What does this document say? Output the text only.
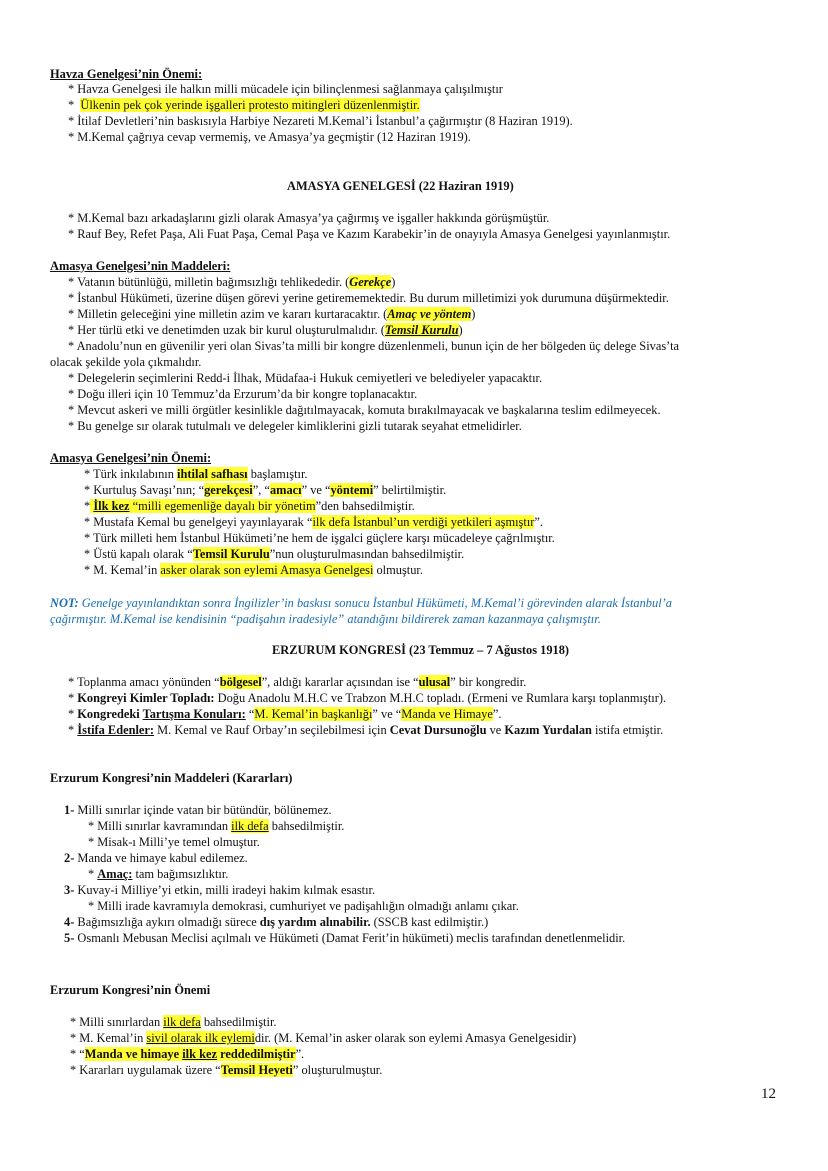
Havza Genelgesi’nin Önemi:
* Havza Genelgesi ile halkın milli mücadele için bilinçlenmesi sağlanmaya çalışılmıştır
* Ülkenin pek çok yerinde işgalleri protesto mitingleri düzenlenmiştir.
* İtilaf Devletleri’nin baskısıyla Harbiye Nezareti M.Kemal’i İstanbul’a çağırmıştır (8 Haziran 1919).
* M.Kemal çağrıya cevap vermemiş, ve Amasya’ya geçmiştir (12 Haziran 1919).
AMASYA GENELGESİ (22 Haziran 1919)
* M.Kemal bazı arkadaşlarını gizli olarak Amasya’ya çağırmış ve işgaller hakkında görüşmüştür.
* Rauf Bey, Refet Paşa, Ali Fuat Paşa, Cemal Paşa ve Kazım Karabekir’in de onayıyla Amasya Genelgesi yayınlanmıştır.
Amasya Genelgesi’nin Maddeleri:
* Vatanın bütünlüğü, milletin bağımsızlığı tehlikededir. (Gerekçe)
* İstanbul Hükümeti, üzerine düşen görevi yerine getirememektedir. Bu durum milletimizi yok durumuna düşürmektedir.
* Milletin geleceğini yine milletin azim ve kararı kurtaracaktır. (Amaç ve yöntem)
* Her türlü etki ve denetimden uzak bir kurul oluşturulmalıdır. (Temsil Kurulu)
* Anadolu’nun en güvenilir yeri olan Sivas’ta milli bir kongre düzenlenmeli, bunun için de her bölgeden üç delege Sivas’ta
olacak şekilde yola çıkmalıdır.
* Delegelerin seçimlerini Redd-i İlhak, Müdafaa-i Hukuk cemiyetleri ve belediyeler yapacaktır.
* Doğu illeri için 10 Temmuz’da Erzurum’da bir kongre toplanacaktır.
* Mevcut askeri ve milli örgütler kesinlikle dağıtılmayacak, komuta bırakılmayacak ve başkalarına teslim edilmeyecek.
* Bu genelge sır olarak tutulmalı ve delegeler kimliklerini gizli tutarak seyahat etmelidirler.
Amasya Genelgesi’nin Önemi:
* Türk inkılabının ihtilal safhası başlamıştır.
* Kurtuluş Savaşı’nın; “gerekçesi”, “amacı” ve “yöntemi” belirtilmiştir.
* İlk kez “milli egemenliğe dayalı bir yönetim”den bahsedilmiştir.
* Mustafa Kemal bu genelgeyi yayınlayarak “ilk defa İstanbul’un verdiği yetkileri aşmıştır”.
* Türk milleti hem İstanbul Hükümeti’ne hem de işgalci güçlere karşı mücadeleye çağrılmıştır.
* Üstü kapalı olarak “Temsil Kurulu”nun oluşturulmasından bahsedilmiştir.
* M. Kemal’in asker olarak son eylemi Amasya Genelgesi olmuştur.
NOT: Genelge yayınlandıktan sonra İngilizler’in baskısı sonucu İstanbul Hükümeti, M.Kemal’i görevinden alarak İstanbul’a
çağırmıştır. M.Kemal ise kendisinin “padişahın iradesiyle” atandığını bildirerek zaman kazanmaya çalışmıştır.
ERZURUM KONGRESİ (23 Temmuz – 7 Ağustos 1918)
* Toplanma amacı yönünden “bölgesel”, aldığı kararlar açısından ise “ulusal” bir kongredir.
* Kongreyi Kimler Topladı: Doğu Anadolu M.H.C ve Trabzon M.H.C topladı. (Ermeni ve Rumlara karşı toplanmıştır).
* Kongredeki Tartışma Konuları: “M. Kemal’in başkanlığı” ve “Manda ve Himaye”.
* İstifa Edenler: M. Kemal ve Rauf Orbay’ın seçilebilmesi için Cevat Dursunoğlu ve Kazım Yurdalan istifa etmiştir.
Erzurum Kongresi’nin Maddeleri (Kararları)
1- Milli sınırlar içinde vatan bir bütündür, bölünemez.
* Milli sınırlar kavramından ilk defa bahsedilmiştir.
* Misak-ı Milli’ye temel olmuştur.
2- Manda ve himaye kabul edilemez.
* Amaç: tam bağımsızlıktır.
3- Kuvay-i Milliye’yi etkin, milli iradeyi hakim kılmak esastır.
* Milli irade kavramıyla demokrasi, cumhuriyet ve padişahlığın olmadığı anlamı çıkar.
4- Bağımsızlığa aykırı olmadığı sürece dış yardım alınabilir. (SSCB kast edilmiştir.)
5- Osmanlı Mebusan Meclisi açılmalı ve Hükümeti (Damat Ferit’in hükümeti) meclis tarafından denetlenmelidir.
Erzurum Kongresi’nin Önemi
* Milli sınırlardan ilk defa bahsedilmiştir.
* M. Kemal’in sivil olarak ilk eylemidir. (M. Kemal’in asker olarak son eylemi Amasya Genelgesidir)
* “Manda ve himaye ilk kez reddedilmiştir”.
* Kararları uygulamak üzere “Temsil Heyeti” oluşturulmuştur.
12
